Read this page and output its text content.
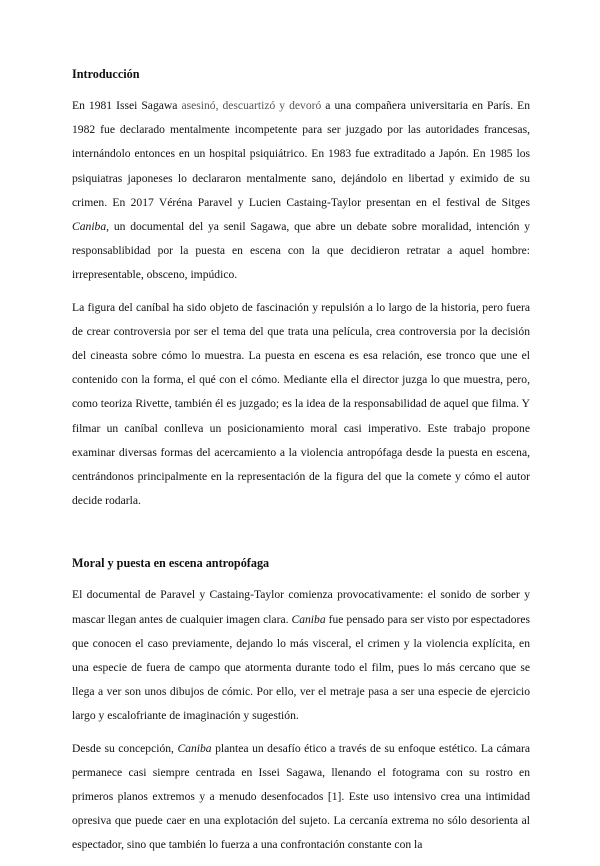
Introducción

En 1981 Issei Sagawa asesinó, descuartizó y devoró a una compañera universitaria en París. En 1982 fue declarado mentalmente incompetente para ser juzgado por las autoridades francesas, internándolo entonces en un hospital psiquiátrico. En 1983 fue extraditado a Japón. En 1985 los psiquiatras japoneses lo declararon mentalmente sano, dejándolo en libertad y eximido de su crimen. En 2017 Véréna Paravel y Lucien Castaing-Taylor presentan en el festival de Sitges Caniba, un documental del ya senil Sagawa, que abre un debate sobre moralidad, intención y responsablibidad por la puesta en escena con la que decidieron retratar a aquel hombre: irrepresentable, obsceno, impúdico.

La figura del caníbal ha sido objeto de fascinación y repulsión a lo largo de la historia, pero fuera de crear controversia por ser el tema del que trata una película, crea controversia por la decisión del cineasta sobre cómo lo muestra. La puesta en escena es esa relación, ese tronco que une el contenido con la forma, el qué con el cómo. Mediante ella el director juzga lo que muestra, pero, como teoriza Rivette, también él es juzgado; es la idea de la responsabilidad de aquel que filma. Y filmar un caníbal conlleva un posicionamiento moral casi imperativo. Este trabajo propone examinar diversas formas del acercamiento a la violencia antropófaga desde la puesta en escena, centrándonos principalmente en la representación de la figura del que la comete y cómo el autor decide rodarla.

Moral y puesta en escena antropófaga

El documental de Paravel y Castaing-Taylor comienza provocativamente: el sonido de sorber y mascar llegan antes de cualquier imagen clara. Caniba fue pensado para ser visto por espectadores que conocen el caso previamente, dejando lo más visceral, el crimen y la violencia explícita, en una especie de fuera de campo que atormenta durante todo el film, pues lo más cercano que se llega a ver son unos dibujos de cómic. Por ello, ver el metraje pasa a ser una especie de ejercicio largo y escalofriante de imaginación y sugestión.

Desde su concepción, Caniba plantea un desafío ético a través de su enfoque estético. La cámara permanece casi siempre centrada en Issei Sagawa, llenando el fotograma con su rostro en primeros planos extremos y a menudo desenfocados [1]. Este uso intensivo crea una intimidad opresiva que puede caer en una explotación del sujeto. La cercanía extrema no sólo desorienta al espectador, sino que también lo fuerza a una confrontación constante con la
